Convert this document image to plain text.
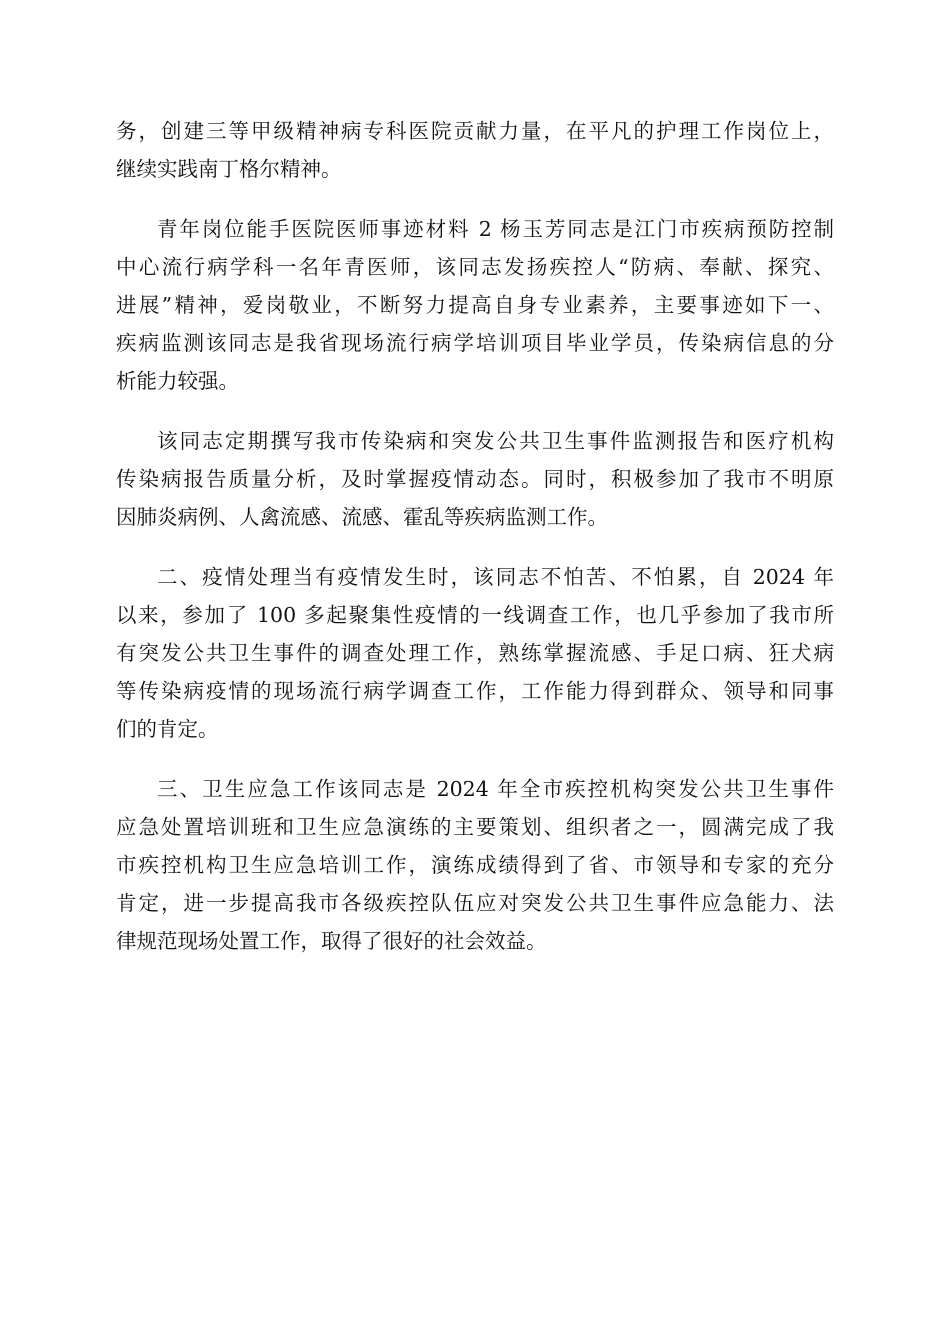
务，创建三等甲级精神病专科医院贡献力量，在平凡的护理工作岗位上，
继续实践南丁格尔精神。

青年岗位能手医院医师事迹材料 2 杨玉芳同志是江门市疾病预防控制
中心流行病学科一名年青医师，该同志发扬疾控人“防病、奉献、探究、
进展”精神，爱岗敬业，不断努力提高自身专业素养，主要事迹如下一、
疾病监测该同志是我省现场流行病学培训项目毕业学员，传染病信息的分
析能力较强。

该同志定期撰写我市传染病和突发公共卫生事件监测报告和医疗机构
传染病报告质量分析，及时掌握疫情动态。同时，积极参加了我市不明原
因肺炎病例、人禽流感、流感、霍乱等疾病监测工作。

二、疫情处理当有疫情发生时，该同志不怕苦、不怕累，自 2024 年
以来，参加了 100 多起聚集性疫情的一线调查工作，也几乎参加了我市所
有突发公共卫生事件的调查处理工作，熟练掌握流感、手足口病、狂犬病
等传染病疫情的现场流行病学调查工作，工作能力得到群众、领导和同事
们的肯定。

三、卫生应急工作该同志是 2024 年全市疾控机构突发公共卫生事件
应急处置培训班和卫生应急演练的主要策划、组织者之一，圆满完成了我
市疾控机构卫生应急培训工作，演练成绩得到了省、市领导和专家的充分
肯定，进一步提高我市各级疾控队伍应对突发公共卫生事件应急能力、法
律规范现场处置工作，取得了很好的社会效益。
